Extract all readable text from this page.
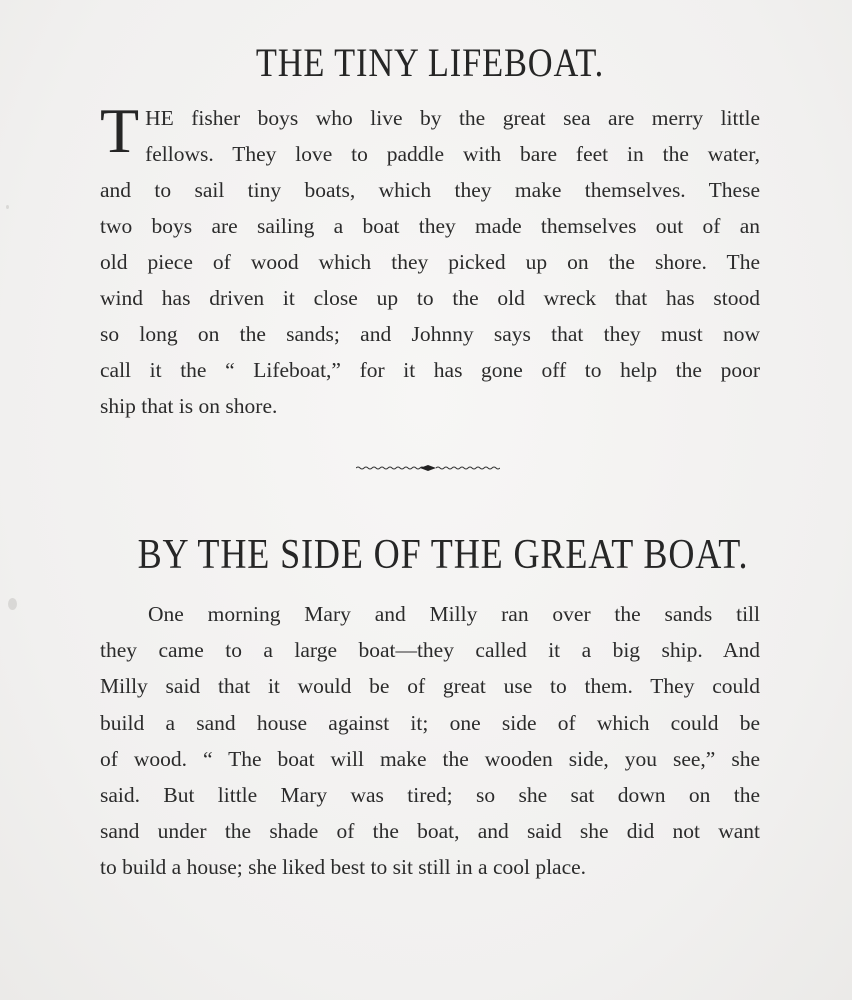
THE TINY LIFEBOAT.
T HE fisher boys who live by the great sea are merry little
fellows. They love to paddle with bare feet in the water,
and to sail tiny boats, which they make themselves. These
two boys are sailing a boat they made themselves out of an
old piece of wood which they picked up on the shore. The
wind has driven it close up to the old wreck that has stood
so long on the sands; and Johnny says that they must now
call it the “ Lifeboat,” for it has gone off to help the poor
ship that is on shore.
BY THE SIDE OF THE GREAT BOAT.
One morning Mary and Milly ran over the sands till
they came to a large boat—they called it a big ship. And
Milly said that it would be of great use to them. They could
build a sand house against it; one side of which could be
of wood. “ The boat will make the wooden side, you see,” she
said. But little Mary was tired; so she sat down on the
sand under the shade of the boat, and said she did not want
to build a house; she liked best to sit still in a cool place.
